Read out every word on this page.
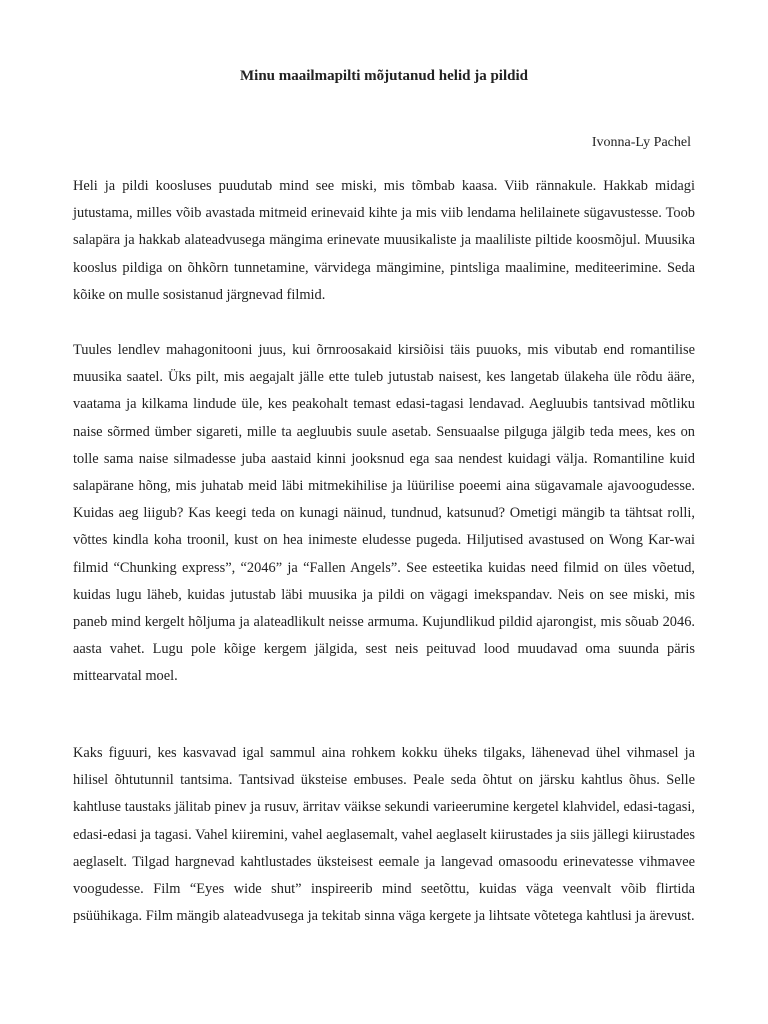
Minu maailmapilti mõjutanud helid ja pildid

Ivonna-Ly Pachel

Heli ja pildi koosluses puudutab mind see miski, mis tõmbab kaasa. Viib rännakule. Hakkab midagi jutustama, milles võib avastada mitmeid erinevaid kihte ja mis viib lendama helilainete sügavustesse. Toob salapära ja hakkab alateadvusega mängima erinevate muusikaliste ja maaliliste piltide koosmõjul. Muusika kooslus pildiga on õhkõrn tunnetamine, värvidega mängimine, pintsliga maalimine, mediteerimine. Seda kõike on mulle sosistanud järgnevad filmid.

Tuules lendlev mahagonitooni juus, kui õrnroosakaid kirsiõisi täis puuoks, mis vibutab end romantilise muusika saatel. Üks pilt, mis aegajalt jälle ette tuleb jutustab naisest, kes langetab ülakeha üle rõdu ääre, vaatama ja kilkama lindude üle, kes peakohalt temast edasi-tagasi lendavad. Aegluubis tantsivad mõtliku naise sõrmed ümber sigareti, mille ta aegluubis suule asetab. Sensuaalse pilguga jälgib teda mees, kes on tolle sama naise silmadesse juba aastaid kinni jooksnud ega saa nendest kuidagi välja. Romantiline kuid salapärane hõng, mis juhatab meid läbi mitmekihilise ja lüürilise poeemi aina sügavamale ajavoogudesse. Kuidas aeg liigub? Kas keegi teda on kunagi näinud, tundnud, katsunud? Ometigi mängib ta tähtsat rolli, võttes kindla koha troonil, kust on hea inimeste eludesse pugeda. Hiljutised avastused on Wong Kar-wai filmid “Chunking express”, “2046” ja “Fallen Angels”. See esteetika kuidas need filmid on üles võetud, kuidas lugu läheb, kuidas jutustab läbi muusika ja pildi on vägagi imekspandav. Neis on see miski, mis paneb mind kergelt hõljuma ja alateadlikult neisse armuma. Kujundlikud pildid ajarongist, mis sõuab 2046. aasta vahet. Lugu pole kõige kergem jälgida, sest neis peituvad lood muudavad oma suunda päris mittearvatal moel.

Kaks figuuri, kes kasvavad igal sammul aina rohkem kokku üheks tilgaks, lähenevad ühel vihmasel ja hilisel õhtutunnil tantsima. Tantsivad üksteise embuses. Peale seda õhtut on järsku kahtlus õhus. Selle kahtluse taustaks jälitab pinev ja rusuv, ärritav väikse sekundi varieerumine kergetel klahvidel, edasi-tagasi, edasi-edasi ja tagasi. Vahel kiiremini, vahel aeglasemalt, vahel aeglaselt kiirustades ja siis jällegi kiirustades aeglaselt. Tilgad hargnevad kahtlustades üksteisest eemale ja langevad omasoodu erinevatesse vihmavee voogudesse. Film “Eyes wide shut” inspireerib mind seetõttu, kuidas väga veenvalt võib flirtida psüühikaga. Film mängib alateadvusega ja tekitab sinna väga kergete ja lihtsate võtetega kahtlusi ja ärevust.
